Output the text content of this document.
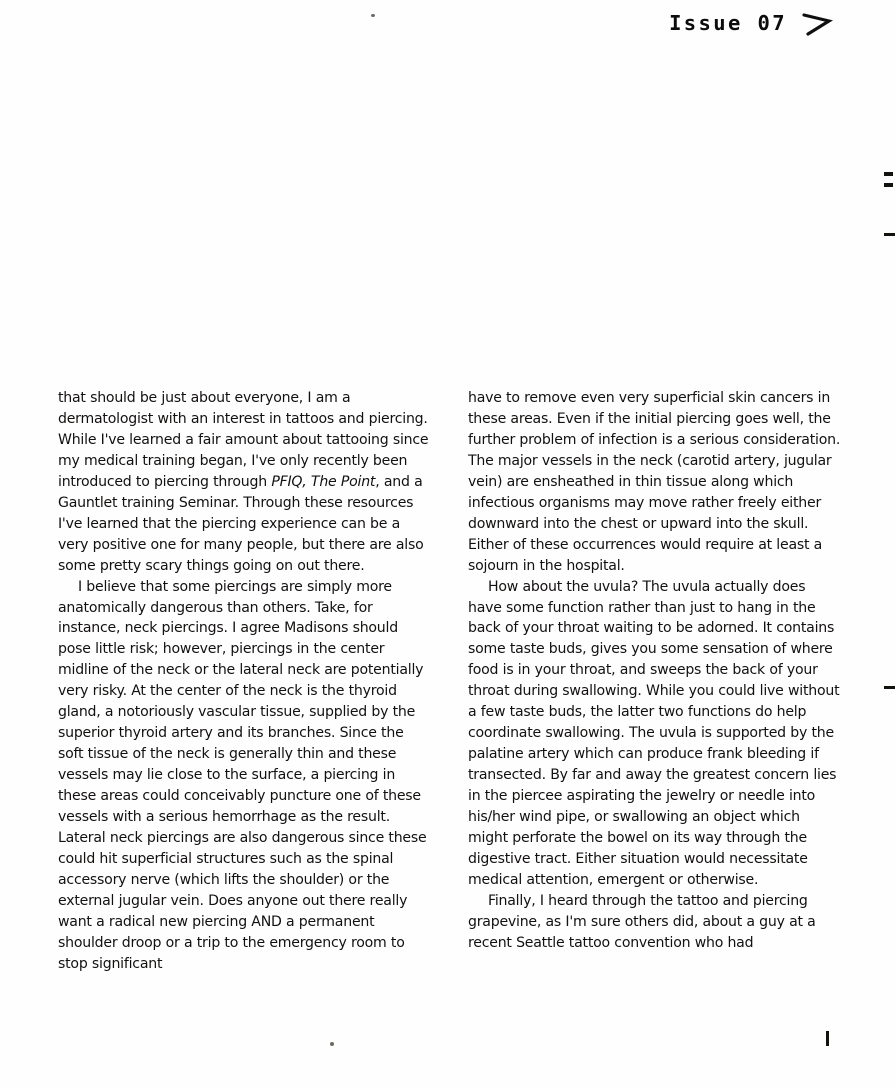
Issue 07

that should be just about everyone, I am a dermatologist with an interest in tattoos and piercing. While I've learned a fair amount about tattooing since my medical training began, I've only recently been introduced to piercing through PFIQ, The Point, and a Gauntlet training Seminar. Through these resources I've learned that the piercing experience can be a very positive one for many people, but there are also some pretty scary things going on out there.

I believe that some piercings are simply more anatomically dangerous than others. Take, for instance, neck piercings. I agree Madisons should pose little risk; however, piercings in the center midline of the neck or the lateral neck are potentially very risky. At the center of the neck is the thyroid gland, a notoriously vascular tissue, supplied by the superior thyroid artery and its branches. Since the soft tissue of the neck is generally thin and these vessels may lie close to the surface, a piercing in these areas could conceivably puncture one of these vessels with a serious hemorrhage as the result. Lateral neck piercings are also dangerous since these could hit superficial structures such as the spinal accessory nerve (which lifts the shoulder) or the external jugular vein. Does anyone out there really want a radical new piercing AND a permanent shoulder droop or a trip to the emergency room to stop significant

have to remove even very superficial skin cancers in these areas. Even if the initial piercing goes well, the further problem of infection is a serious consideration. The major vessels in the neck (carotid artery, jugular vein) are ensheathed in thin tissue along which infectious organisms may move rather freely either downward into the chest or upward into the skull. Either of these occurrences would require at least a sojourn in the hospital.

How about the uvula? The uvula actually does have some function rather than just to hang in the back of your throat waiting to be adorned. It contains some taste buds, gives you some sensation of where food is in your throat, and sweeps the back of your throat during swallowing. While you could live without a few taste buds, the latter two functions do help coordinate swallowing. The uvula is supported by the palatine artery which can produce frank bleeding if transected. By far and away the greatest concern lies in the piercee aspirating the jewelry or needle into his/her wind pipe, or swallowing an object which might perforate the bowel on its way through the digestive tract. Either situation would necessitate medical attention, emergent or otherwise.

Finally, I heard through the tattoo and piercing grapevine, as I'm sure others did, about a guy at a recent Seattle tattoo convention who had
